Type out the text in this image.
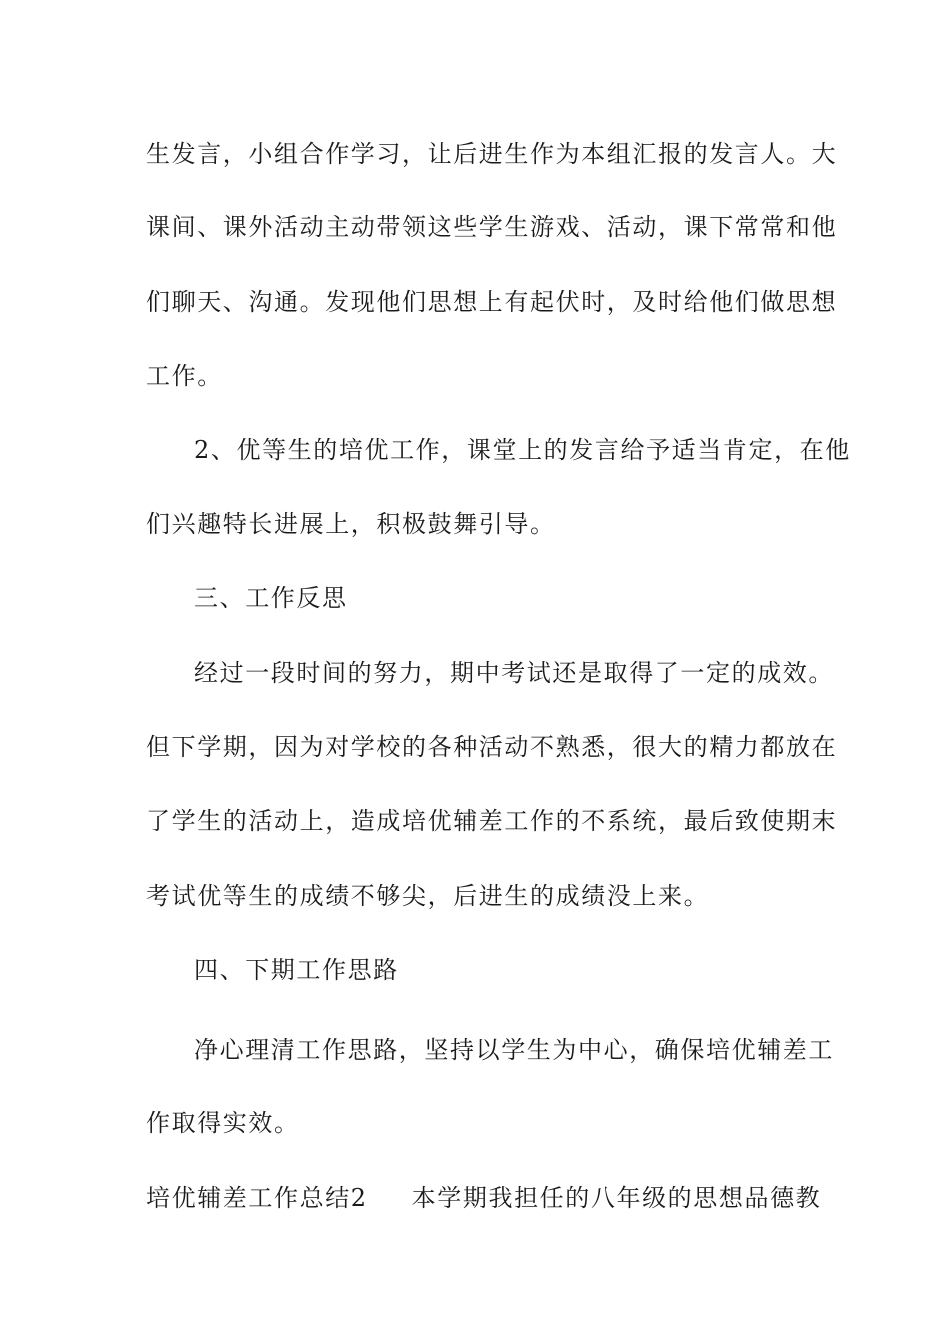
生发言，小组合作学习，让后进生作为本组汇报的发言人。大
课间、课外活动主动带领这些学生游戏、活动，课下常常和他
们聊天、沟通。发现他们思想上有起伏时，及时给他们做思想
工作。
2、优等生的培优工作，课堂上的发言给予适当肯定，在他
们兴趣特长进展上，积极鼓舞引导。
三、工作反思
经过一段时间的努力，期中考试还是取得了一定的成效。
但下学期，因为对学校的各种活动不熟悉，很大的精力都放在
了学生的活动上，造成培优辅差工作的不系统，最后致使期末
考试优等生的成绩不够尖，后进生的成绩没上来。
四、下期工作思路
净心理清工作思路，坚持以学生为中心，确保培优辅差工
作取得实效。
培优辅差工作总结2 本学期我担任的八年级的思想品德教
